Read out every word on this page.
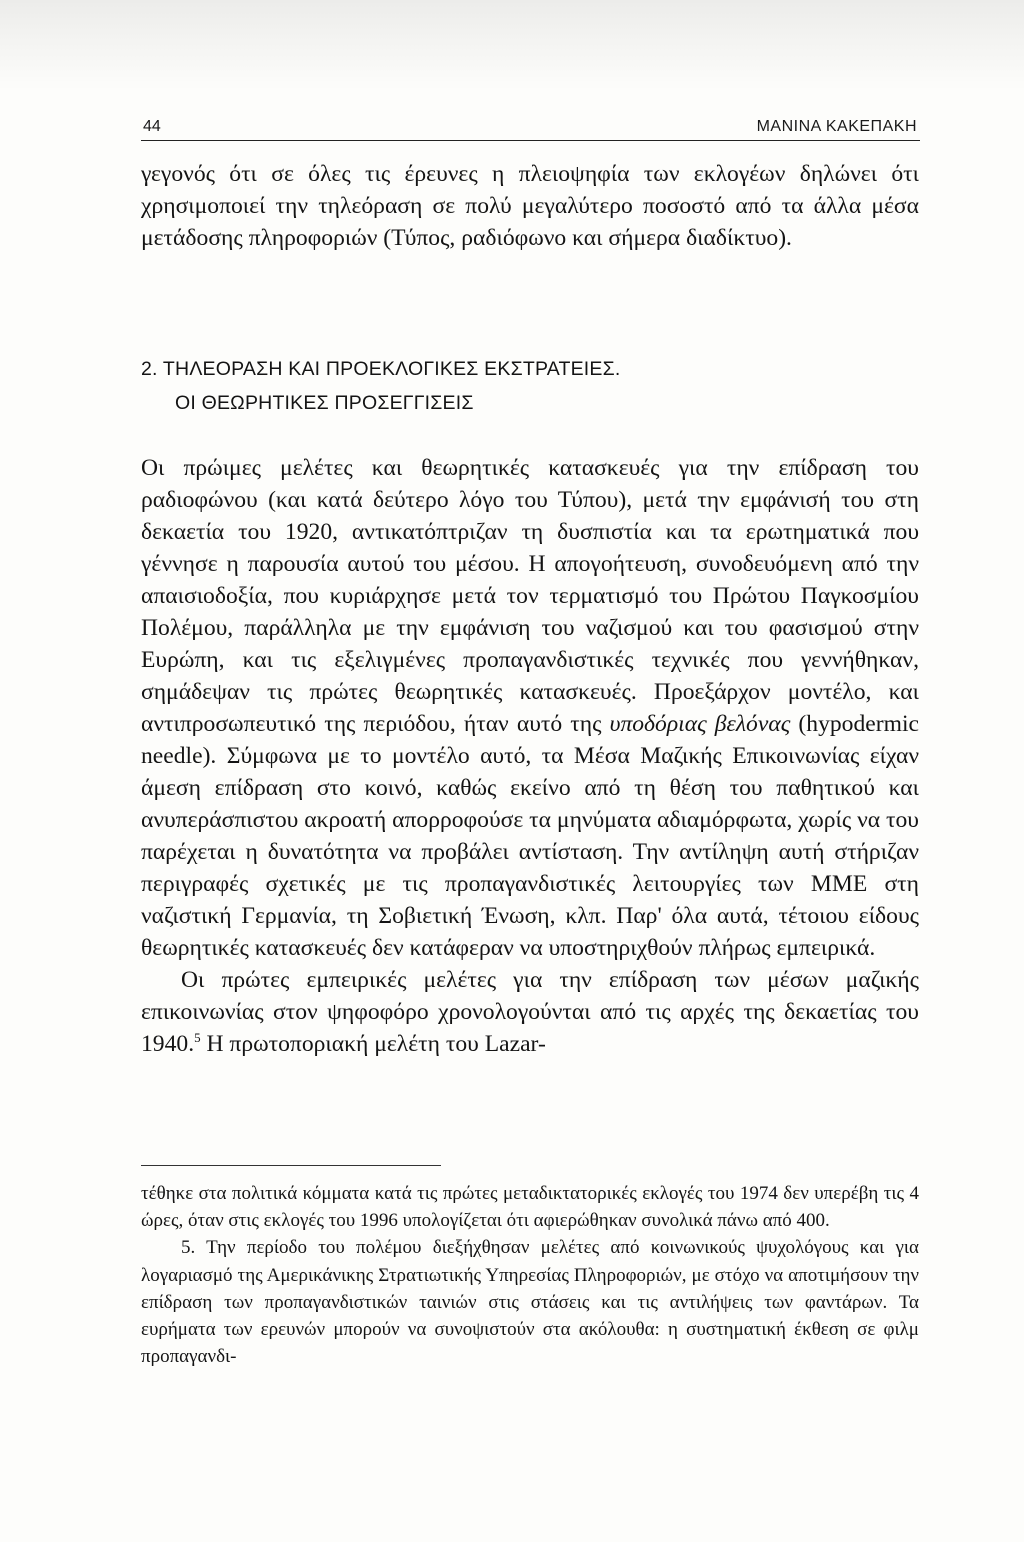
44	ΜΑΝΙΝΑ ΚΑΚΕΠΑΚΗ

γεγονός ότι σε όλες τις έρευνες η πλειοψηφία των εκλογέων δηλώνει ότι χρησιμοποιεί την τηλεόραση σε πολύ μεγαλύτερο ποσοστό από τα άλλα μέσα μετάδοσης πληροφοριών (Τύπος, ραδιόφωνο και σήμερα διαδίκτυο).

2. ΤΗΛΕΟΡΑΣΗ ΚΑΙ ΠΡΟΕΚΛΟΓΙΚΕΣ ΕΚΣΤΡΑΤΕΙΕΣ.
ΟΙ ΘΕΩΡΗΤΙΚΕΣ ΠΡΟΣΕΓΓΙΣΕΙΣ

Οι πρώιμες μελέτες και θεωρητικές κατασκευές για την επίδραση του ραδιοφώνου (και κατά δεύτερο λόγο του Τύπου), μετά την εμφάνισή του στη δεκαετία του 1920, αντικατόπτριζαν τη δυσπιστία και τα ερωτηματικά που γέννησε η παρουσία αυτού του μέσου. Η απογοήτευση, συνοδευόμενη από την απαισιοδοξία, που κυριάρχησε μετά τον τερματισμό του Πρώτου Παγκοσμίου Πολέμου, παράλληλα με την εμφάνιση του ναζισμού και του φασισμού στην Ευρώπη, και τις εξελιγμένες προπαγανδιστικές τεχνικές που γεννήθηκαν, σημάδεψαν τις πρώτες θεωρητικές κατασκευές. Προεξάρχον μοντέλο, και αντιπροσωπευτικό της περιόδου, ήταν αυτό της υποδόριας βελόνας (hypodermic needle). Σύμφωνα με το μοντέλο αυτό, τα Μέσα Μαζικής Επικοινωνίας είχαν άμεση επίδραση στο κοινό, καθώς εκείνο από τη θέση του παθητικού και ανυπεράσπιστου ακροατή απορροφούσε τα μηνύματα αδιαμόρφωτα, χωρίς να του παρέχεται η δυνατότητα να προβάλει αντίσταση. Την αντίληψη αυτή στήριζαν περιγραφές σχετικές με τις προπαγανδιστικές λειτουργίες των ΜΜΕ στη ναζιστική Γερμανία, τη Σοβιετική Ένωση, κλπ. Παρ' όλα αυτά, τέτοιου είδους θεωρητικές κατασκευές δεν κατάφεραν να υποστηριχθούν πλήρως εμπειρικά.

Οι πρώτες εμπειρικές μελέτες για την επίδραση των μέσων μαζικής επικοινωνίας στον ψηφοφόρο χρονολογούνται από τις αρχές της δεκαετίας του 1940.$^5$ Η πρωτοποριακή μελέτη του Lazar-

τέθηκε στα πολιτικά κόμματα κατά τις πρώτες μεταδικτατορικές εκλογές του 1974 δεν υπερέβη τις 4 ώρες, όταν στις εκλογές του 1996 υπολογίζεται ότι αφιερώθηκαν συνολικά πάνω από 400.

5. Την περίοδο του πολέμου διεξήχθησαν μελέτες από κοινωνικούς ψυχολόγους και για λογαριασμό της Αμερικάνικης Στρατιωτικής Υπηρεσίας Πληροφοριών, με στόχο να αποτιμήσουν την επίδραση των προπαγανδιστικών ταινιών στις στάσεις και τις αντιλήψεις των φαντάρων. Τα ευρήματα των ερευνών μπορούν να συνοψιστούν στα ακόλουθα: η συστηματική έκθεση σε φιλμ προπαγανδι-
